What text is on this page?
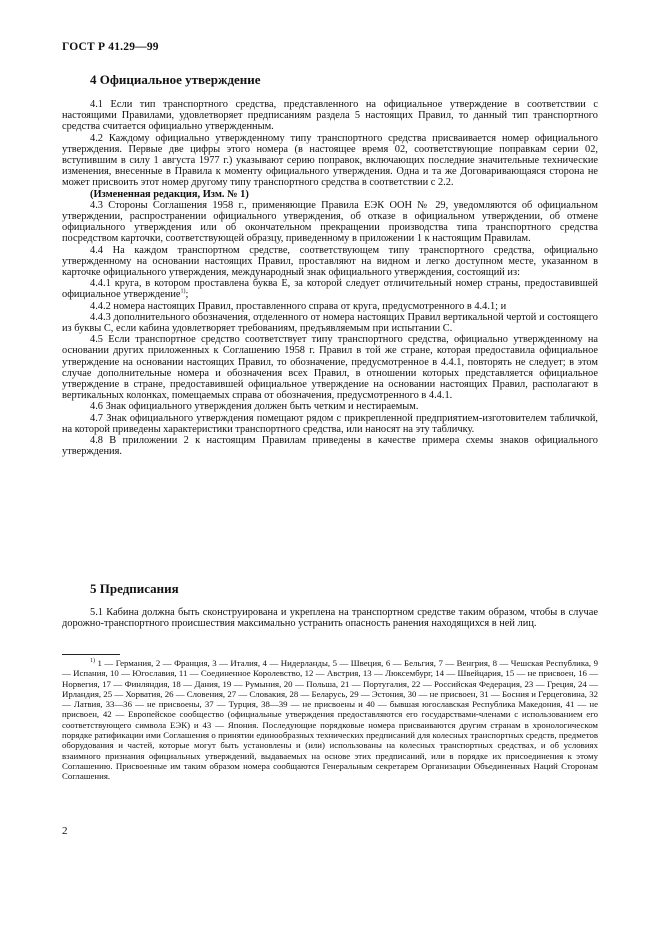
ГОСТ Р 41.29—99
4 Официальное утверждение

4.1 Если тип транспортного средства, представленного на официальное утверждение в соответствии с настоящими Правилами, удовлетворяет предписаниям раздела 5 настоящих Правил, то данный тип транспортного средства считается официально утвержденным.

4.2 Каждому официально утвержденному типу транспортного средства присваивается номер официального утверждения. Первые две цифры этого номера (в настоящее время 02, соответствующие поправкам серии 02, вступившим в силу 1 августа 1977 г.) указывают серию поправок, включающих последние значительные технические изменения, внесенные в Правила к моменту официального утверждения. Одна и та же Договаривающаяся сторона не может присвоить этот номер другому типу транспортного средства в соответствии с 2.2.

(Измененная редакция, Изм. № 1)

4.3 Стороны Соглашения 1958 г., применяющие Правила ЕЭК ООН № 29, уведомляются об официальном утверждении, распространении официального утверждения, об отказе в официальном утверждении, об отмене официального утверждения или об окончательном прекращении производства типа транспортного средства посредством карточки, соответствующей образцу, приведенному в приложении 1 к настоящим Правилам.

4.4 На каждом транспортном средстве, соответствующем типу транспортного средства, официально утвержденному на основании настоящих Правил, проставляют на видном и легко доступном месте, указанном в карточке официального утверждения, международный знак официального утверждения, состоящий из:

4.4.1 круга, в котором проставлена буква Е, за которой следует отличительный номер страны, предоставившей официальное утверждение$^{1)}$;

4.4.2 номера настоящих Правил, проставленного справа от круга, предусмотренного в 4.4.1; и

4.4.3 дополнительного обозначения, отделенного от номера настоящих Правил вертикальной чертой и состоящего из буквы С, если кабина удовлетворяет требованиям, предъявляемым при испытании С.

4.5 Если транспортное средство соответствует типу транспортного средства, официально утвержденному на основании других приложенных к Соглашению 1958 г. Правил в той же стране, которая предоставила официальное утверждение на основании настоящих Правил, то обозначение, предусмотренное в 4.4.1, повторять не следует; в этом случае дополнительные номера и обозначения всех Правил, в отношении которых представляется официальное утверждение в стране, предоставившей официальное утверждение на основании настоящих Правил, располагают в вертикальных колонках, помещаемых справа от обозначения, предусмотренного в 4.4.1.

4.6 Знак официального утверждения должен быть четким и нестираемым.

4.7 Знак официального утверждения помещают рядом с прикрепленной предприятием-изготовителем табличкой, на которой приведены характеристики транспортного средства, или наносят на эту табличку.

4.8 В приложении 2 к настоящим Правилам приведены в качестве примера схемы знаков официального утверждения.

5 Предписания

5.1 Кабина должна быть сконструирована и укреплена на транспортном средстве таким образом, чтобы в случае дорожно-транспортного происшествия максимально устранить опасность ранения находящихся в ней лиц.

$^{1)}$ 1 — Германия, 2 — Франция, 3 — Италия, 4 — Нидерланды, 5 — Швеция, 6 — Бельгия, 7 — Венгрия, 8 — Чешская Республика, 9 — Испания, 10 — Югославия, 11 — Соединенное Королевство, 12 — Австрия, 13 — Люксембург, 14 — Швейцария, 15 — не присвоен, 16 — Норвегия, 17 — Финляндия, 18 — Дания, 19 — Румыния, 20 — Польша, 21 — Португалия, 22 — Российская Федерация, 23 — Греция, 24 — Ирландия, 25 — Хорватия, 26 — Словения, 27 — Словакия, 28 — Беларусь, 29 — Эстония, 30 — не присвоен, 31 — Босния и Герцеговина, 32 — Латвия, 33—36 — не присвоены, 37 — Турция, 38—39 — не присвоены и 40 — бывшая югославская Республика Македония, 41 — не присвоен, 42 — Европейское сообщество (официальные утверждения предоставляются его государствами-членами с использованием его соответствующего символа ЕЭК) и 43 — Япония. Последующие порядковые номера присваиваются другим странам в хронологическом порядке ратификации ими Соглашения о принятии единообразных технических предписаний для колесных транспортных средств, предметов оборудования и частей, которые могут быть установлены и (или) использованы на колесных транспортных средствах, и об условиях взаимного признания официальных утверждений, выдаваемых на основе этих предписаний, или в порядке их присоединения к этому Соглашению. Присвоенные им таким образом номера сообщаются Генеральным секретарем Организации Объединенных Наций Сторонам Соглашения.

2
